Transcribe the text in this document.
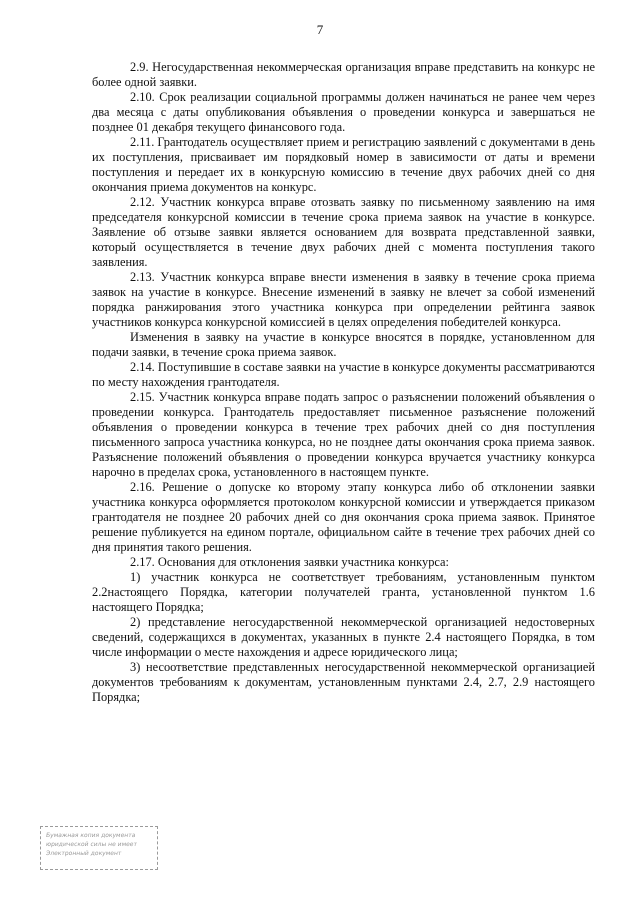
7

2.9. Негосударственная некоммерческая организация вправе представить на конкурс не более одной заявки.

2.10. Срок реализации социальной программы должен начинаться не ранее чем через два месяца с даты опубликования объявления о проведении конкурса и завершаться не позднее 01 декабря текущего финансового года.

2.11. Грантодатель осуществляет прием и регистрацию заявлений с документами в день их поступления, присваивает им порядковый номер в зависимости от даты и времени поступления и передает их в конкурсную комиссию в течение двух рабочих дней со дня окончания приема документов на конкурс.

2.12. Участник конкурса вправе отозвать заявку по письменному заявлению на имя председателя конкурсной комиссии в течение срока приема заявок на участие в конкурсе. Заявление об отзыве заявки является основанием для возврата представленной заявки, который осуществляется в течение двух рабочих дней с момента поступления такого заявления.

2.13. Участник конкурса вправе внести изменения в заявку в течение срока приема заявок на участие в конкурсе. Внесение изменений в заявку не влечет за собой изменений порядка ранжирования этого участника конкурса при определении рейтинга заявок участников конкурса конкурсной комиссией в целях определения победителей конкурса.

Изменения в заявку на участие в конкурсе вносятся в порядке, установленном для подачи заявки, в течение срока приема заявок.

2.14. Поступившие в составе заявки на участие в конкурсе документы рассматриваются по месту нахождения грантодателя.

2.15. Участник конкурса вправе подать запрос о разъяснении положений объявления о проведении конкурса. Грантодатель предоставляет письменное разъяснение положений объявления о проведении конкурса в течение трех рабочих дней со дня поступления письменного запроса участника конкурса, но не позднее даты окончания срока приема заявок. Разъяснение положений объявления о проведении конкурса вручается участнику конкурса нарочно в пределах срока, установленного в настоящем пункте.

2.16. Решение о допуске ко второму этапу конкурса либо об отклонении заявки участника конкурса оформляется протоколом конкурсной комиссии и утверждается приказом грантодателя не позднее 20 рабочих дней со дня окончания срока приема заявок. Принятое решение публикуется на едином портале, официальном сайте в течение трех рабочих дней со дня принятия такого решения.

2.17. Основания для отклонения заявки участника конкурса:

1) участник конкурса не соответствует требованиям, установленным пунктом 2.2настоящего Порядка, категории получателей гранта, установленной пунктом 1.6 настоящего Порядка;

2) представление негосударственной некоммерческой организацией недостоверных сведений, содержащихся в документах, указанных в пункте 2.4 настоящего Порядка, в том числе информации о месте нахождения и адресе юридического лица;

3) несоответствие представленных негосударственной некоммерческой организацией документов требованиям к документам, установленным пунктами 2.4, 2.7, 2.9 настоящего Порядка;

Бумажная копия документа
юридической силы не имеет
Электронный документ
